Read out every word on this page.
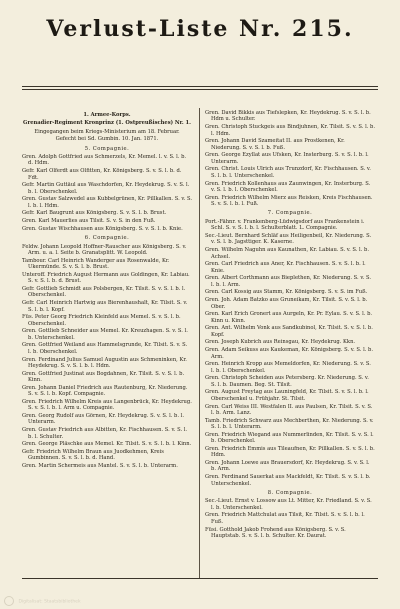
Verlust-Liste Nr. 215.

1. Armee-Korps.

Grenadier-Regiment Kronprinz (1. Ostpreußisches) Nr. 1.

Eingegangen beim Kriegs-Ministerium am 18. Februar.

Gefecht bei Sd. Gumbin. 10. Jan. 1871.

5. Compagnie.

Gren. Adolph Gottfried aus Schmerzels, Kr. Memel. l. v. S. l. b. d. Hdm.

Gefr. Karl Olferdt aus Olfitten, Kr. Königsberg. S. v. S. l. b. d. Fdt.

Gefr. Martin Guttäul aus Waschdorfen, Kr. Heydekrug. S. v. S. l. b. l. Oberschenkel.

Gren. Gustav Salzwedel aus Kubbelgrünen, Kr. Pillkallen. S. v. S. l. b. l. Hdm.

Gefr. Karl Baugrunt aus Königsberg. S. v. S. l. b. Brust.

Gren. Karl Mauerlies aus Tilsit. S. v. S. in den Fuß.

Gren. Gustav Wischhausen aus Königsberg. S. v. S. l. b. Knie.

6. Compagnie.

Feldw. Johann Leopold Hoffner-Rauscher aus Königsberg. S. v. Arm. u. a. l. Seite b. Granatsplitt. W. Leopold.

Tambour. Carl Heinrich Wanderger aus Rosenwalde, Kr. Ukermünde. S. v. S. l. b. Brust.

Unteroff. Friedrich August Hermann aus Goldingen, Kr. Labiau. S. v. S. l. b. d. Brust.

Gefr. Gottlieb Schmidt aus Polsbergen, Kr. Tilsit. S. v. S. l. b. l. Oberschenkel.

Gefr. Carl Heinrich Hartwig aus Bierenhaushalt, Kr. Tilsit. S. v. S. l. b. l. Kopf.

Füs. Peter Georg Friedrich Kleinfeld aus Memel. S. v. S. l. b. Oberschenkel.

Gren. Gottlieb Schneider aus Memel. Kr. Kreuzhagen. S. v. S. l. b. Unterschenkel.

Gren. Gottfried Weiland aus Hammelsgrunde, Kr. Tilsit. S. v. S. l. b. Oberschenkel.

Gren. Ferdinand Julius Samuel Augustin aus Schmeninken, Kr. Heydekrug. S. v. S. l. b. l. Hdm.

Gren. Gottfried Justinat aus Bogdahnen, Kr. Tilsit. S. v. S. l. b. Kinn.

Gren. Johann Daniel Friedrich aus Rautenburg, Kr. Niederung. S. v. S. l. b. Kopf. Compagnie.

Gren. Friedrich Wilhelm Kreis aus Langenbrück, Kr. Heydekrug. S. v. S. l. b. l. Arm u. Compagnie.

Gren. Georg Rudolf aus Görnen, Kr. Heydekrug. S. v. S. l. b. l. Unterarm.

Gren. Gustav Friedrich aus Albitten, Kr. Fischhausen. S. v. S. l. b. l. Schulter.

Gren. George Pläschke aus Memel. Kr. Tilsit. S. v. S. l. b. l. Kinn.

Gefr. Friedrich Wilhelm Braun aus Juodkehmen, Kreis Gumbinnen. S. v. S. l. b. d. Hand.

Gren. Martin Schermeis aus Mantel. S. v. S. l. b. Unterarm.

Gren. David Bikkis aus Tiefslepken, Kr. Heydekrug. S. v. S. l. b. Hdm u. Schulter.

Gren. Christoph Stuckgeis aus Bindjuhnen, Kr. Tilsit. S. v. S. l. b. l. Hdm.

Gren. Johann David Szameitat II. aus Prostkenen, Kr. Niederung. S. v. S. l. b. Fuß.

Gren. George Ezyllat aus Ufsken, Kr. Insterburg. S. v. S. l. b. l. Unterarm.

Gren. Christ. Louis Ulrich aus Trunzdorf, Kr. Fischhausen. S. v. S. l. b. l. Unterschenkel.

Gren. Friedrich Kollenhaus aus Zaunwingen, Kr. Insterburg. S. v. S. l. b. l. Oberschenkel.

Gren. Friedrich Wilhelm Mierz aus Reisken, Kreis Fischhausen. S. v. S. l. b. l. Fuß.

7. Compagnie.

Port.-Fähnr. v. Frankenberg-Lüdwigsdorf aus Frankenstein i. Schl. S. v. S. l. b. l. Schulterblatt. L. Compagnie.

Sec.-Lieut. Bernhard Schläf aus Heiligenbeil, Kr. Niederung. S. v. S. l. b. Jagsttiger. K. Kaserne.

Gren. Wilhelm Naguhn aus Kaunathen, Kr. Labiau. S. v. S. l. b. Achsel.

Gren. Carl Friedrich aus Aner, Kr. Fischhausen. S. v. S. l. b. l. Knie.

Gren. Albert Corthmann aus Bieplethen, Kr. Niederung. S. v. S. l. b. l. Arm.

Gren. Carl Kossig aus Stamm, Kr. Königsberg. S. v. S. im Fuß.

Gren. Joh. Adam Batzko aus Gruneikam, Kr. Tilsit. S. v. S. l. b. Ober.

Gren. Karl Erich Gronert aus Aurgeln, Kr. Pr. Eylau. S. v. S. l. b. Kinn u. Kinn.

Gren. Ant. Wilhelm Vonk aus Sandkubinol, Kr. Tilsit. S. v. S. l. b. Kopf.

Gren. Joseph Kubrich aus Reinsgau, Kr. Heydekrug. Kkn.

Gren. Adam Seikuss aus Kaukeman, Kr. Königsberg. S. v. S. l. b. Arm.

Gren. Heinrich Kropp aus Memeldorfen, Kr. Niederung. S. v. S. l. b. l. Oberschenkel.

Gren. Christoph Scheiden aus Petersberg. Kr. Niederung. S. v. S. l. b. Daumen. Beg. St. Tilsit.

Gren. August Freytag aus Launingfeld, Kr. Tilsit. S. v. S. l. b. l. Oberschenkel u. Frühjahr. St. Tilsit.

Gren. Carl Weiss III. Westfalen II. aus Paulsen, Kr. Tilsit. S. v. S. l. b. Arm. Lanz.

Tamb. Friedrich Schwarz aus Mechberthen, Kr. Niederung. S. v. S. l. b. l. Unterarm.

Gren. Friedrich Wiegand aus Nummerlinden, Kr. Tilsit. S. v. S. l. b. Oberschenkel.

Gren. Friedrich Emmis aus Tileaufnen, Kr. Pillkallen. S. v. S. l. b. Hdm.

Gren. Johann Loewe aus Brauersdorf, Kr. Heydekrug. S. v. S. l. b. Arm.

Gren. Ferdinand Sauerkat aus Mackfeldt, Kr. Tilsit. S. v. S. l. b. Unterschenkel.

8. Compagnie.

Sec.-Lieut. Ernst v. Lossow aus Lt. Mitter, Kr. Friedland. S. v. S. l. b. Unterschenkel.

Gren. Friedrich Mattchulat aus Tilsit, Kr. Tilsit. S. v. S. l. b. l. Fuß.

Füsi. Gotthold Jakob Frohend aus Königsberg. S. v. S. Hauptstab. S. v. S. l. b. Schulter. Kr. Daurat.

Digitalisat: Staatsbibliothek
